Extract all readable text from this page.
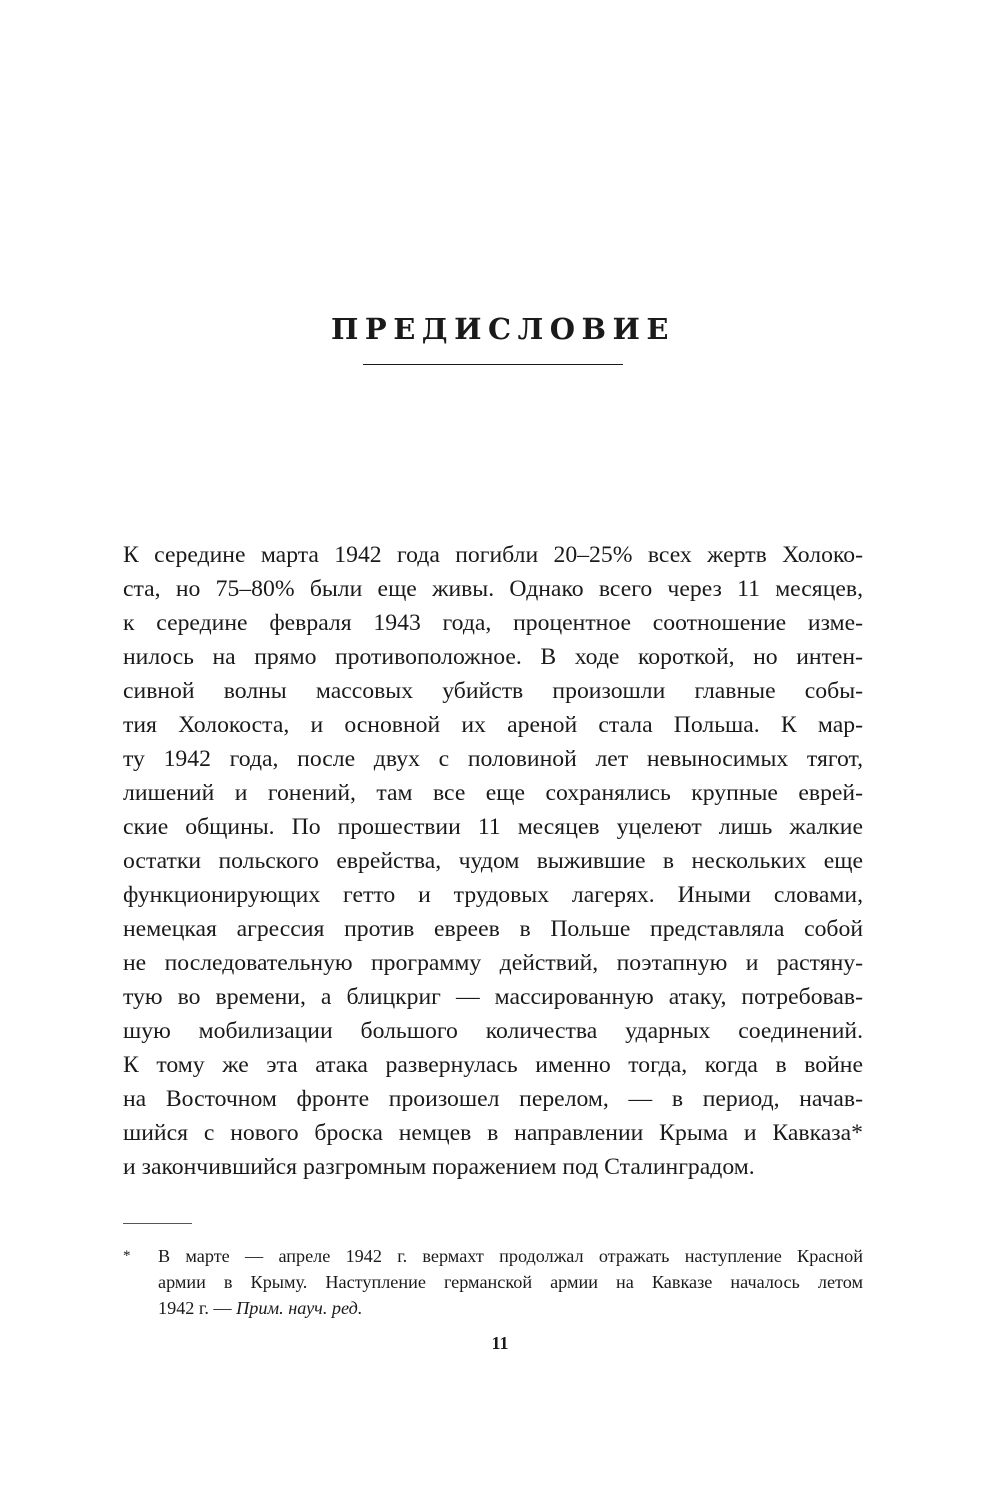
ПРЕДИСЛОВИЕ
К середине марта 1942 года погибли 20–25% всех жертв Холоко-
ста, но 75–80% были еще живы. Однако всего через 11 месяцев,
к середине февраля 1943 года, процентное соотношение изме-
нилось на прямо противоположное. В ходе короткой, но интен-
сивной волны массовых убийств произошли главные собы-
тия Холокоста, и основной их ареной стала Польша. К мар-
ту 1942 года, после двух с половиной лет невыносимых тягот,
лишений и гонений, там все еще сохранялись крупные еврей-
ские общины. По прошествии 11 месяцев уцелеют лишь жалкие
остатки польского еврейства, чудом выжившие в нескольких еще
функционирующих гетто и трудовых лагерях. Иными словами,
немецкая агрессия против евреев в Польше представляла собой
не последовательную программу действий, поэтапную и растяну-
тую во времени, а блицкриг — массированную атаку, потребовав-
шую мобилизации большого количества ударных соединений.
К тому же эта атака развернулась именно тогда, когда в войне
на Восточном фронте произошел перелом, — в период, начав-
шийся с нового броска немцев в направлении Крыма и Кавказа*
и закончившийся разгромным поражением под Сталинградом.
* В марте — апреле 1942 г. вермахт продолжал отражать наступление Красной
армии в Крыму. Наступление германской армии на Кавказе началось летом
1942 г. — Прим. науч. ред.
11
